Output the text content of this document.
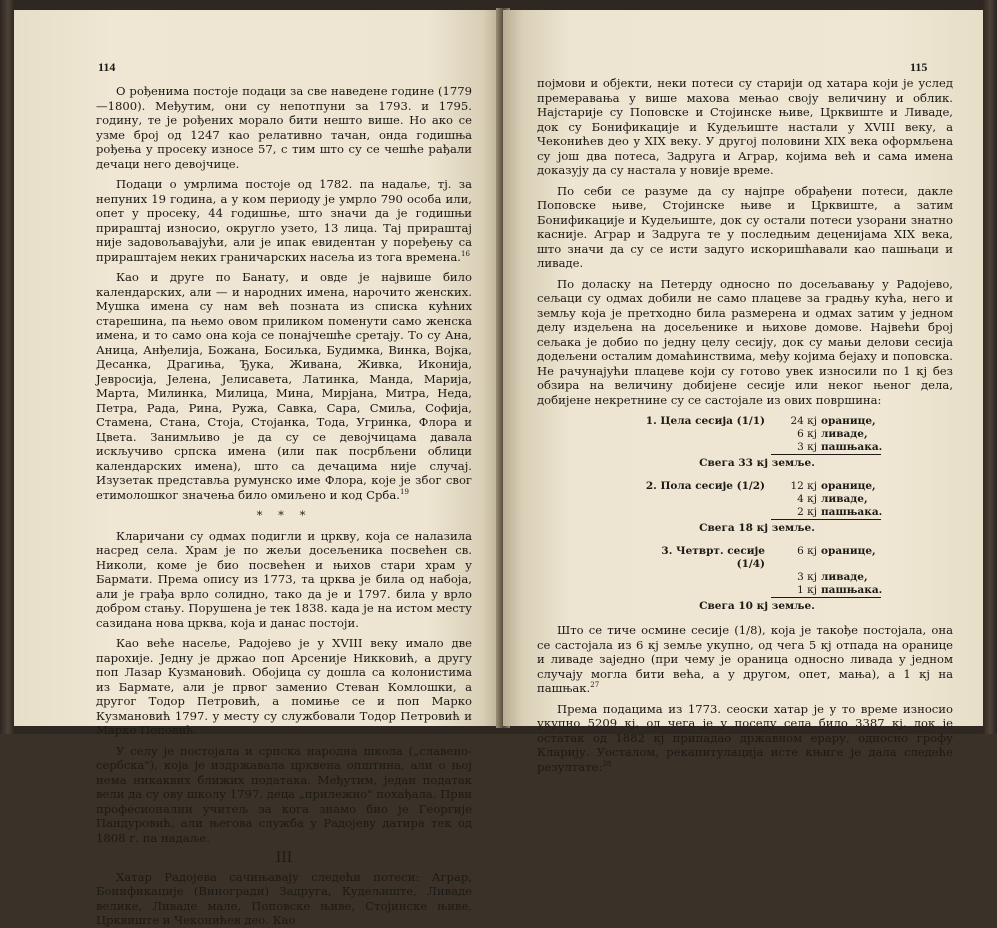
114

О рођенима постоје подаци за све наведене године (1779—1800). Међутим, они су непотпуни за 1793. и 1795. годину, те је рођених морало бити нешто више. Но ако се узме број од 1247 као релативно тачан, онда годишња рођења у просеку износе 57, с тим што су се чешће рађали дечаци него девојчице.

Подаци о умрлима постоје од 1782. па надаље, тј. за непуних 19 година, а у ком периоду је умрло 790 особа или, опет у просеку, 44 годишње, што значи да је годишњи прираштај износио, округло узето, 13 лица. Тај прираштај није задовољавајући, али је ипак евидентан у поређењу са прираштајем неких граничарских насеља из тога времена.$^{16}$

Као и друге по Банату, и овде је највише било календарских, али — и народних имена, нарочито женских. Мушка имена су нам већ позната из списка кућних старешина, па њемо овом приликом поменути само женска имена, и то само она која се понајчешће сретају. То су Ана, Аница, Анђелија, Божана, Босиљка, Будимка, Винка, Војка, Десанка, Драгиња, Ђука, Живана, Живка, Иконија, Јевросија, Јелена, Јелисавета, Латинка, Манда, Марија, Марта, Милинка, Милица, Мина, Мирјана, Митра, Неда, Петра, Рада, Рина, Ружа, Савка, Сара, Смиља, Софија, Стамена, Стана, Стоја, Стојанка, Тода, Угринка, Флора и Цвета. Занимљиво је да су се девојчицама давала искључиво српска имена (или пак посрбљени облици календарских имена), што са дечацима није случај. Изузетак представља румунско име Флора, које је због свог етимолошког значења било омиљено и код Срба.$^{19}$

* * *

Кларичани су одмах подигли и цркву, која се налазила насред села. Храм је по жељи досељеника посвећен св. Николи, коме је био посвећен и њихов стари храм у Бармати. Према опису из 1773, та црква је била од набоја, али је грађа врло солидно, тако да је и 1797. била у врло добром стању. Порушена је тек 1838. када је на истом месту сазидана нова црква, која и данас постоји.

Као веће насеље, Радојево је у XVIII веку имало две парохије. Једну је држао поп Арсеније Никковић, а другу поп Лазар Кузмановић. Обојица су дошла са колонистима из Бармате, али је првог заменио Стеван Комлошки, а другог Тодор Петровић, а помиње се и поп Марко Кузмановић 1797. у месту су службовали Тодор Петровић и Марко Поповић.

У селу је постојала и српска народна школа („славено-сербска"), која је издржавала црквена општина, али о њој нема никаквих ближих података. Међутим, један податак вели да су ову школу 1797. деца „прилежно" похађала. Први професионални учитељ за кога знамо био је Георгије Пандуровић, али његова служба у Радојеву датира тек од 1808 г. па надаље.

III

Хатар Радојева сачињавају следећи потеси: Аграр, Бонификације (Виногради) Задруга, Кудељиште, Ливаде велике, Ливаде мале, Поповске њиве, Стојинске њиве, Црквиште и Чеконићев део. Као

115

појмови и објекти, неки потеси су старији од хатара који је услед премеравања у више махова мењао своју величину и облик. Најстарије су Поповске и Стојинске њиве, Црквиште и Ливаде, док су Бонификације и Кудељиште настали у XVIII веку, а Чеконићев део у XIX веку. У другој половини XIX века оформљена су још два потеса, Задруга и Аграр, којима већ и сама имена доказују да су настала у новије време.

По себи се разуме да су најпре обрађени потеси, дакле Поповске њиве, Стојинске њиве и Црквиште, а затим Бонификације и Кудељиште, док су остали потеси узорани знатно касније. Аграр и Задруга те у последњим деценијама XIX века, што значи да су се исти задуго искоришћавали као пашњаци и ливаде.

По доласку на Петерду односно по досељавању у Радојево, сељаци су одмах добили не само плацеве за градњу кућа, него и земљу која је претходно била размерена и одмах затим у једном делу издељена на досељенике и њихове домове. Највећи број сељака је добио по једну целу сесију, док су мањи делови сесија додељени осталим домаћинствима, међу којима бејаху и поповска. Не рачунајући плацеве који су готово увек износили по 1 кј без обзира на величину добијене сесије или неког њеног дела, добијене некретнине су се састојале из ових површина:

1. Цела сесија (1/1)	24 кј оранице,
6 кј ливаде,
3 кј пашњака.
Свега 33 кј земље.
2. Пола сесије (1/2)	12 кј оранице,
4 кј ливаде,
2 кј пашњака.
Свега 18 кј земље.
3. Четврт. сесије (1/4)
6 кј оранице,
3 кј ливаде,
1 кј пашњака.
Свега 10 кј земље.

Што се тиче осмине сесије (1/8), која је такође постојала, она се састојала из 6 кј земље укупно, од чега 5 кј отпада на оранице и ливаде заједно (при чему је ораница односно ливада у једном случају могла бити већа, а у другом, опет, мања), а 1 кј на пашњак.$^{27}$

Према подацима из 1773. сеоски хатар је у то време износио укупно 5209 кј, од чега је у поседу села било 3387 кј, док је остатак од 1882 кј припадао државном ерару, односно грофу Кларију. Уосталом, рекапитулација исте књиге је дала следеће резултате:$^{28}$
